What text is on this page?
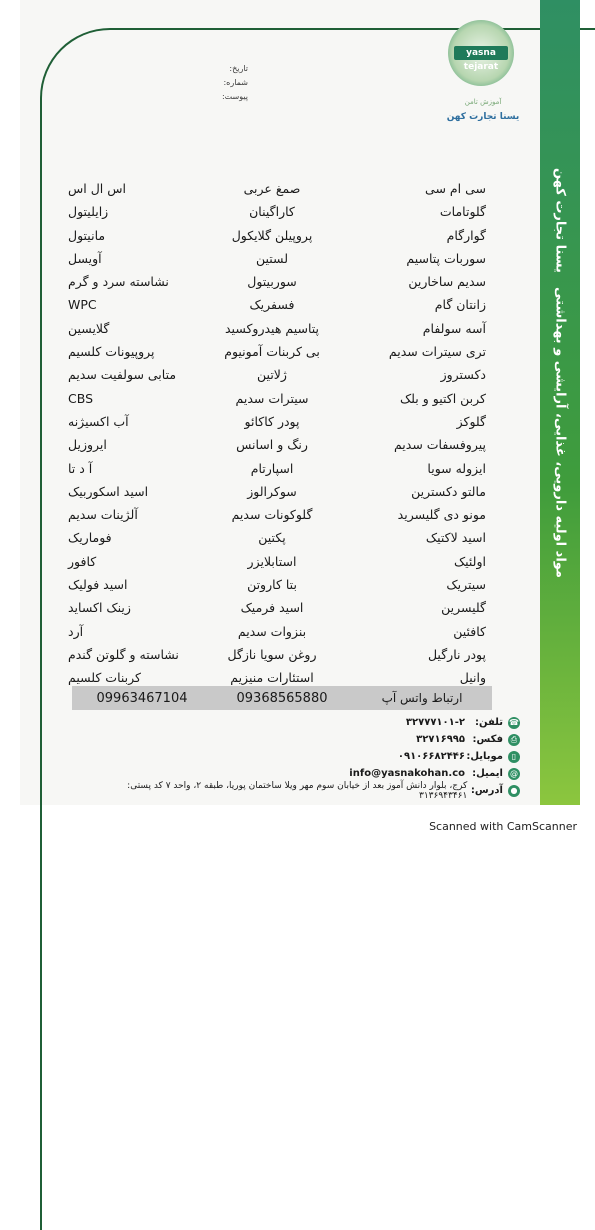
یسنا تجارت کهن
مواد اولیه دارویی، غذایی، آرایشی و بهداشتی
yasna tejarat
آموزش تامن
یسنا تجارت کهن
تاریخ:
شماره:
پیوست:
سی ام سی
صمغ عربی
اس ال اس
گلوتامات
کاراگینان
زایلیتول
گوارگام
پروپیلن گلایکول
مانیتول
سوربات پتاسیم
لستین
آویسل
سدیم ساخارین
سوربیتول
نشاسته سرد و گرم
زانتان گام
فسفریک
WPC
آسه سولفام
پتاسیم هیدروکسید
گلایسین
تری سیترات سدیم
بی کربنات آمونیوم
پروپیونات کلسیم
دکستروز
ژلاتین
متابی سولفیت سدیم
کربن اکتیو و بلک
سیترات سدیم
CBS
گلوکز
پودر کاکائو
آب اکسیژنه
پیروفسفات سدیم
رنگ و اسانس
ایروزیل
ایزوله سویا
اسپارتام
آ د تا
مالتو دکسترین
سوکرالوز
اسید اسکوربیک
مونو دی گلیسرید
گلوکونات سدیم
آلژینات سدیم
اسید لاکتیک
پکتین
فوماریک
اولئیک
استابلایزر
کافور
سیتریک
بتا کاروتن
اسید فولیک
گلیسرین
اسید فرمیک
زینک اکساید
کافئین
بنزوات سدیم
آرد
پودر نارگیل
روغن سویا نازگل
نشاسته و گلوتن گندم
وانیل
استئارات منیزیم
کربنات کلسیم
09963467104	09368565880	ارتباط واتس آپ
☎
تلفن:
۳۲۷۷۷۱۰۱-۲
⎙
فکس:
۳۲۷۱۶۹۹۵
▯
موبایل:
۰۹۱۰۶۶۸۲۴۴۶
@
ایمیل:
info@yasnakohan.co
●
آدرس:
کرج، بلوار دانش آموز بعد از خیابان سوم مهر ویلا ساختمان پوریا، طبقه ۲، واحد ۷ کد پستی: ۳۱۳۶۹۴۳۴۶۱
Scanned with CamScanner
